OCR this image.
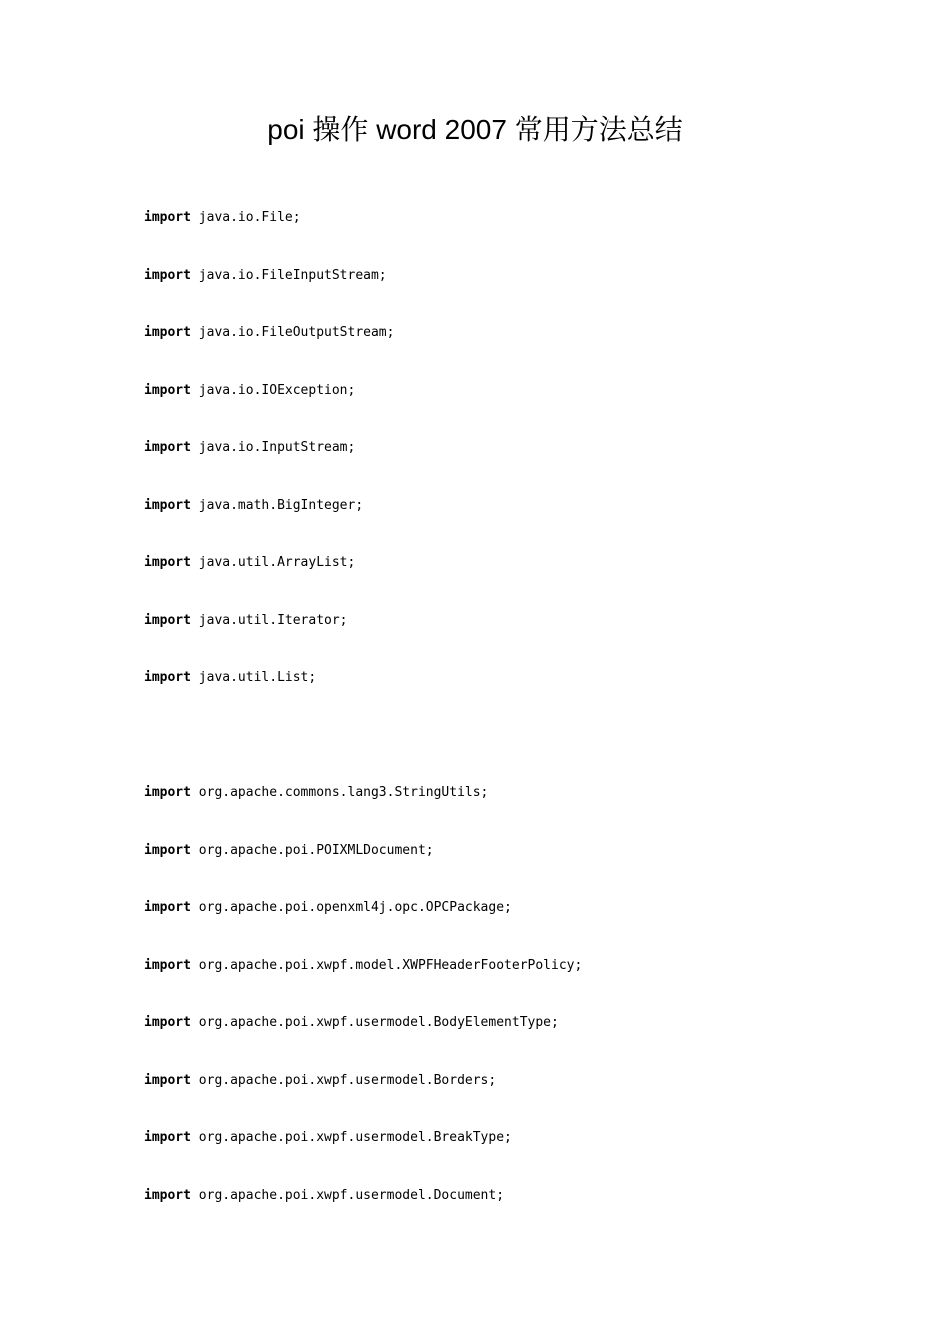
poi 操作 word 2007 常用方法总结
import java.io.File;
import java.io.FileInputStream;
import java.io.FileOutputStream;
import java.io.IOException;
import java.io.InputStream;
import java.math.BigInteger;
import java.util.ArrayList;
import java.util.Iterator;
import java.util.List;
import org.apache.commons.lang3.StringUtils;
import org.apache.poi.POIXMLDocument;
import org.apache.poi.openxml4j.opc.OPCPackage;
import org.apache.poi.xwpf.model.XWPFHeaderFooterPolicy;
import org.apache.poi.xwpf.usermodel.BodyElementType;
import org.apache.poi.xwpf.usermodel.Borders;
import org.apache.poi.xwpf.usermodel.BreakType;
import org.apache.poi.xwpf.usermodel.Document;
